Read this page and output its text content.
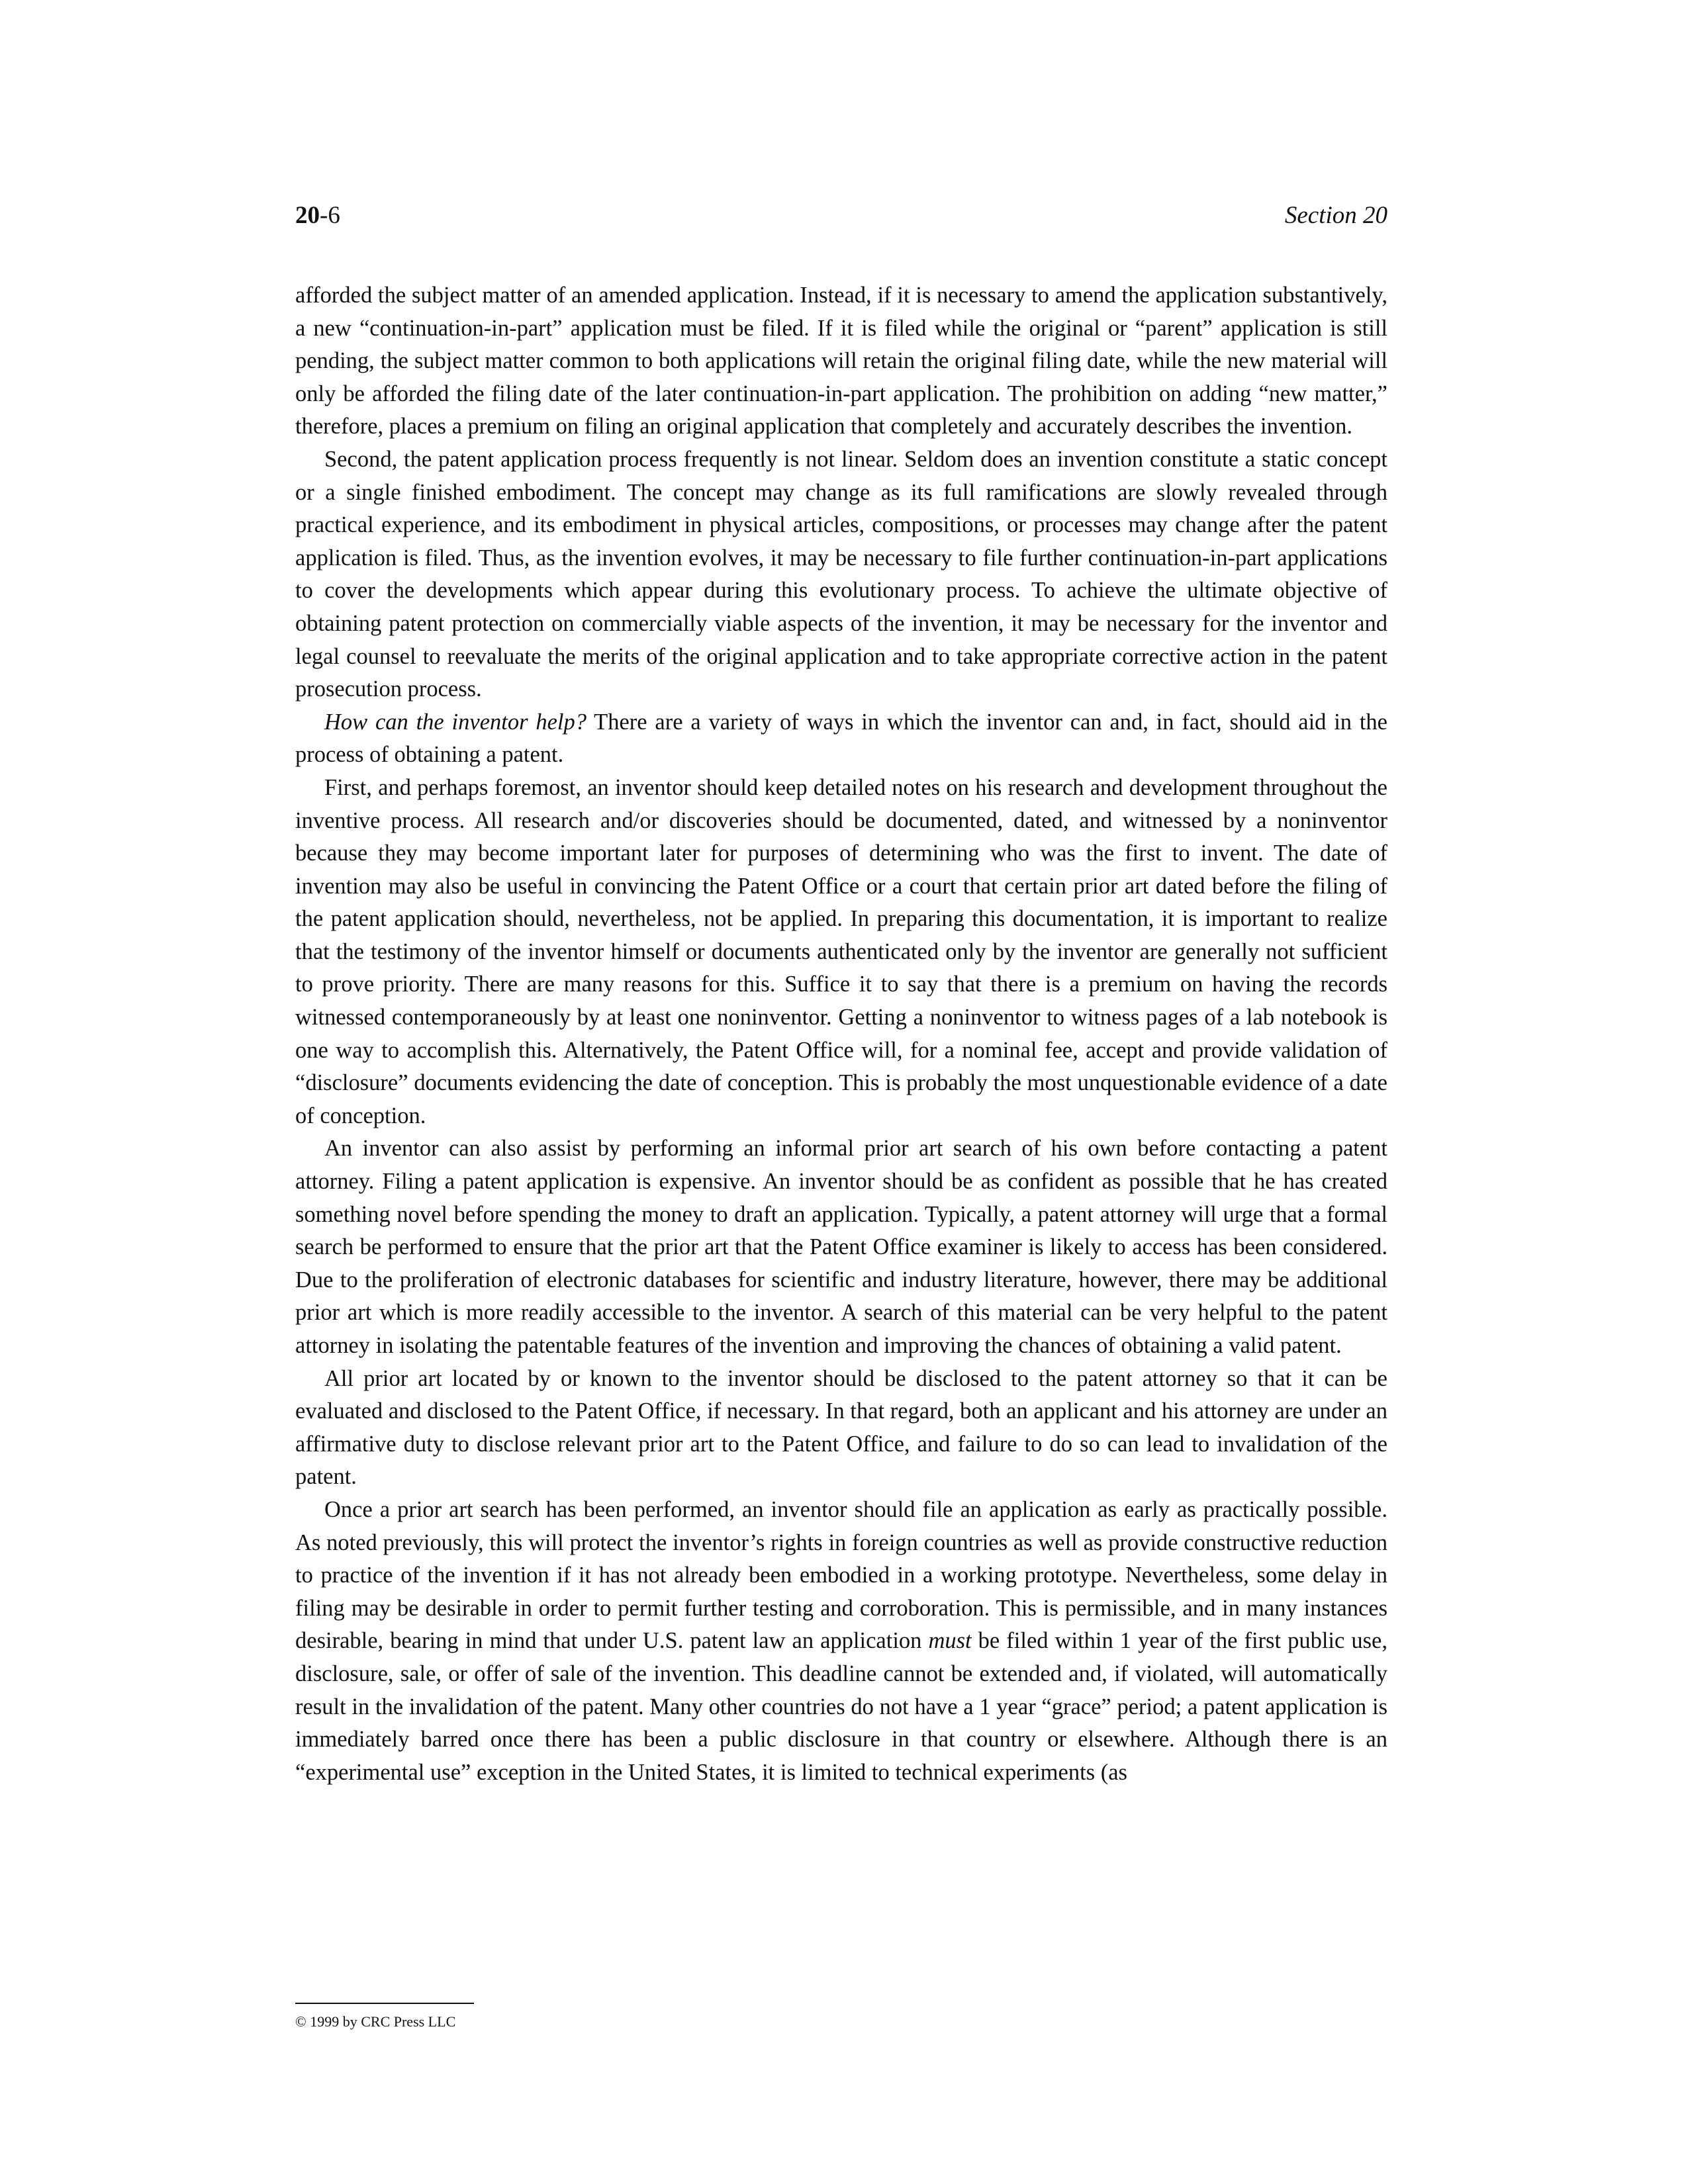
20-6	Section 20

afforded the subject matter of an amended application. Instead, if it is necessary to amend the application substantively, a new “continuation-in-part” application must be filed. If it is filed while the original or “parent” application is still pending, the subject matter common to both applications will retain the original filing date, while the new material will only be afforded the filing date of the later continuation-in-part application. The prohibition on adding “new matter,” therefore, places a premium on filing an original application that completely and accurately describes the invention.

Second, the patent application process frequently is not linear. Seldom does an invention constitute a static concept or a single finished embodiment. The concept may change as its full ramifications are slowly revealed through practical experience, and its embodiment in physical articles, compositions, or processes may change after the patent application is filed. Thus, as the invention evolves, it may be necessary to file further continuation-in-part applications to cover the developments which appear during this evolutionary process. To achieve the ultimate objective of obtaining patent protection on commercially viable aspects of the invention, it may be necessary for the inventor and legal counsel to reevaluate the merits of the original application and to take appropriate corrective action in the patent prosecution process.

How can the inventor help? There are a variety of ways in which the inventor can and, in fact, should aid in the process of obtaining a patent.

First, and perhaps foremost, an inventor should keep detailed notes on his research and development throughout the inventive process. All research and/or discoveries should be documented, dated, and witnessed by a noninventor because they may become important later for purposes of determining who was the first to invent. The date of invention may also be useful in convincing the Patent Office or a court that certain prior art dated before the filing of the patent application should, nevertheless, not be applied. In preparing this documentation, it is important to realize that the testimony of the inventor himself or documents authenticated only by the inventor are generally not sufficient to prove priority. There are many reasons for this. Suffice it to say that there is a premium on having the records witnessed contemporaneously by at least one noninventor. Getting a noninventor to witness pages of a lab notebook is one way to accomplish this. Alternatively, the Patent Office will, for a nominal fee, accept and provide validation of “disclosure” documents evidencing the date of conception. This is probably the most unquestionable evidence of a date of conception.

An inventor can also assist by performing an informal prior art search of his own before contacting a patent attorney. Filing a patent application is expensive. An inventor should be as confident as possible that he has created something novel before spending the money to draft an application. Typically, a patent attorney will urge that a formal search be performed to ensure that the prior art that the Patent Office examiner is likely to access has been considered. Due to the proliferation of electronic databases for scientific and industry literature, however, there may be additional prior art which is more readily accessible to the inventor. A search of this material can be very helpful to the patent attorney in isolating the patentable features of the invention and improving the chances of obtaining a valid patent.

All prior art located by or known to the inventor should be disclosed to the patent attorney so that it can be evaluated and disclosed to the Patent Office, if necessary. In that regard, both an applicant and his attorney are under an affirmative duty to disclose relevant prior art to the Patent Office, and failure to do so can lead to invalidation of the patent.

Once a prior art search has been performed, an inventor should file an application as early as practically possible. As noted previously, this will protect the inventor’s rights in foreign countries as well as provide constructive reduction to practice of the invention if it has not already been embodied in a working prototype. Nevertheless, some delay in filing may be desirable in order to permit further testing and corroboration. This is permissible, and in many instances desirable, bearing in mind that under U.S. patent law an application must be filed within 1 year of the first public use, disclosure, sale, or offer of sale of the invention. This deadline cannot be extended and, if violated, will automatically result in the invalidation of the patent. Many other countries do not have a 1 year “grace” period; a patent application is immediately barred once there has been a public disclosure in that country or elsewhere. Although there is an “experimental use” exception in the United States, it is limited to technical experiments (as

© 1999 by CRC Press LLC
